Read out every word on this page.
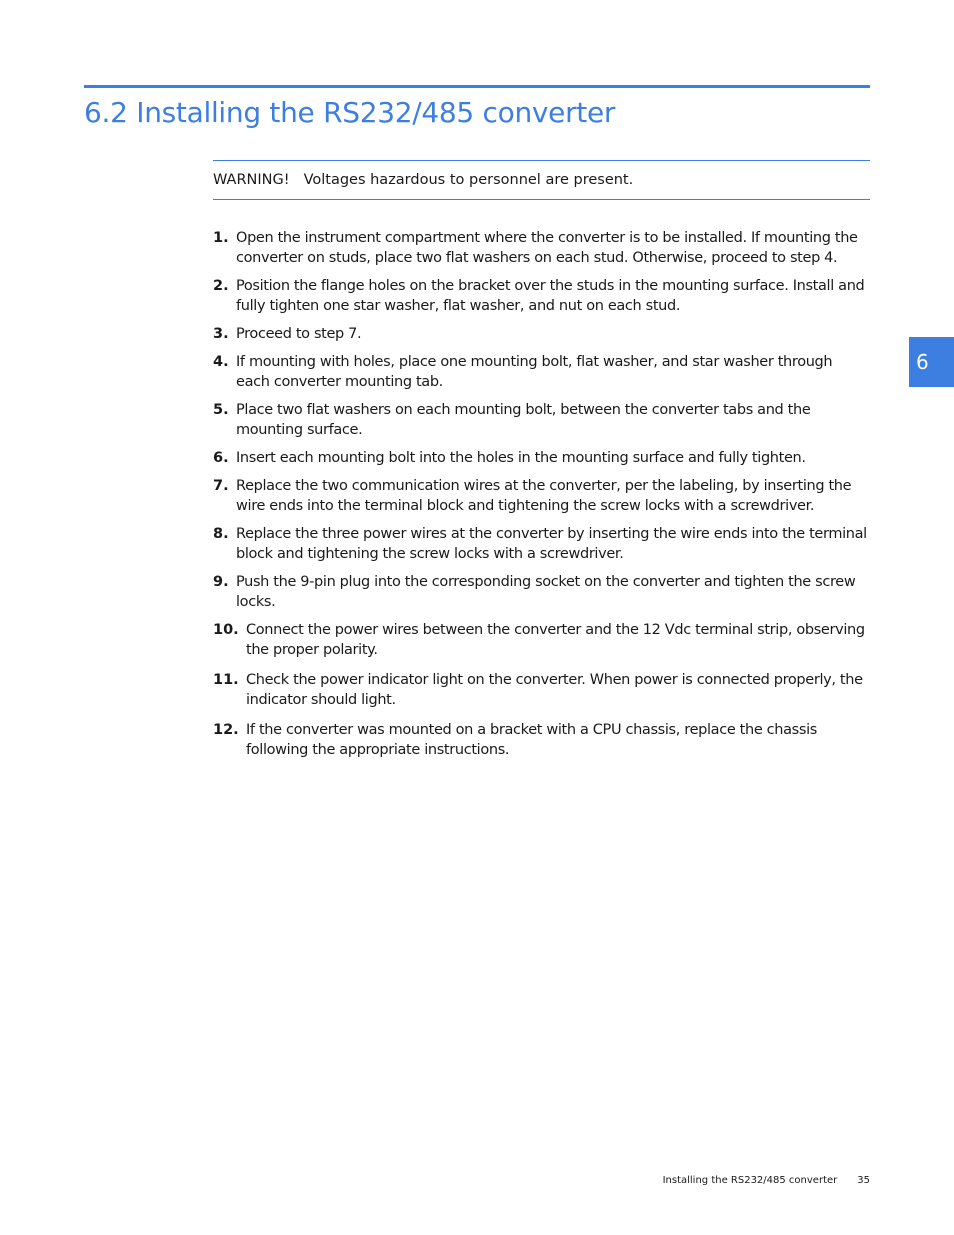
6.2 Installing the RS232/485 converter
WARNING! Voltages hazardous to personnel are present.
1. Open the instrument compartment where the converter is to be installed. If mounting the converter on studs, place two flat washers on each stud. Otherwise, proceed to step 4.
2. Position the flange holes on the bracket over the studs in the mounting surface. Install and fully tighten one star washer, flat washer, and nut on each stud.
3. Proceed to step 7.
4. If mounting with holes, place one mounting bolt, flat washer, and star washer through each converter mounting tab.
5. Place two flat washers on each mounting bolt, between the converter tabs and the mounting surface.
6. Insert each mounting bolt into the holes in the mounting surface and fully tighten.
7. Replace the two communication wires at the converter, per the labeling, by inserting the wire ends into the terminal block and tightening the screw locks with a screwdriver.
8. Replace the three power wires at the converter by inserting the wire ends into the terminal block and tightening the screw locks with a screwdriver.
9. Push the 9-pin plug into the corresponding socket on the converter and tighten the screw locks.
10. Connect the power wires between the converter and the 12 Vdc terminal strip, observing the proper polarity.
11. Check the power indicator light on the converter. When power is connected properly, the indicator should light.
12. If the converter was mounted on a bracket with a CPU chassis, replace the chassis following the appropriate instructions.
6
Installing the RS232/485 converter 35
